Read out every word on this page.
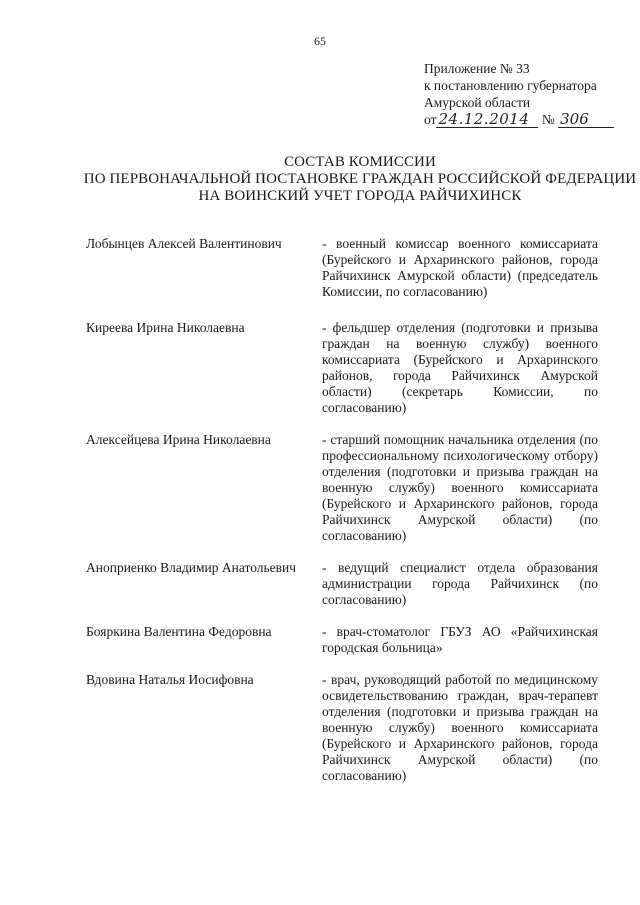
65
Приложение № 33
к постановлению губернатора
Амурской области
от 24.12.2014 № 306
СОСТАВ КОМИССИИ
ПО ПЕРВОНАЧАЛЬНОЙ ПОСТАНОВКЕ ГРАЖДАН РОССИЙСКОЙ ФЕДЕРАЦИИ
НА ВОИНСКИЙ УЧЕТ ГОРОДА РАЙЧИХИНСК
Лобынцев Алексей Валентинович	- военный комиссар военного комиссариата (Бурейского и Архаринского районов, города Райчихинск Амурской области) (председатель Комиссии, по согласованию)
Киреева Ирина Николаевна	- фельдшер отделения (подготовки и призыва граждан на военную службу) военного комиссариата (Бурейского и Архаринского районов, города Райчихинск Амурской области) (секретарь Комиссии, по согласованию)
Алексейцева Ирина Николаевна	- старший помощник начальника отделения (по профессиональному психологическому отбору) отделения (подготовки и призыва граждан на военную службу) военного комиссариата (Бурейского и Архаринского районов, города Райчихинск Амурской области) (по согласованию)
Аноприенко Владимир Анатольевич	- ведущий специалист отдела образования администрации города Райчихинск (по согласованию)
Бояркина Валентина Федоровна	- врач-стоматолог ГБУЗ АО «Райчихинская городская больница»
Вдовина Наталья Иосифовна	- врач, руководящий работой по медицинскому освидетельствованию граждан, врач-терапевт отделения (подготовки и призыва граждан на военную службу) военного комиссариата (Бурейского и Архаринского районов, города Райчихинск Амурской области) (по согласованию)
